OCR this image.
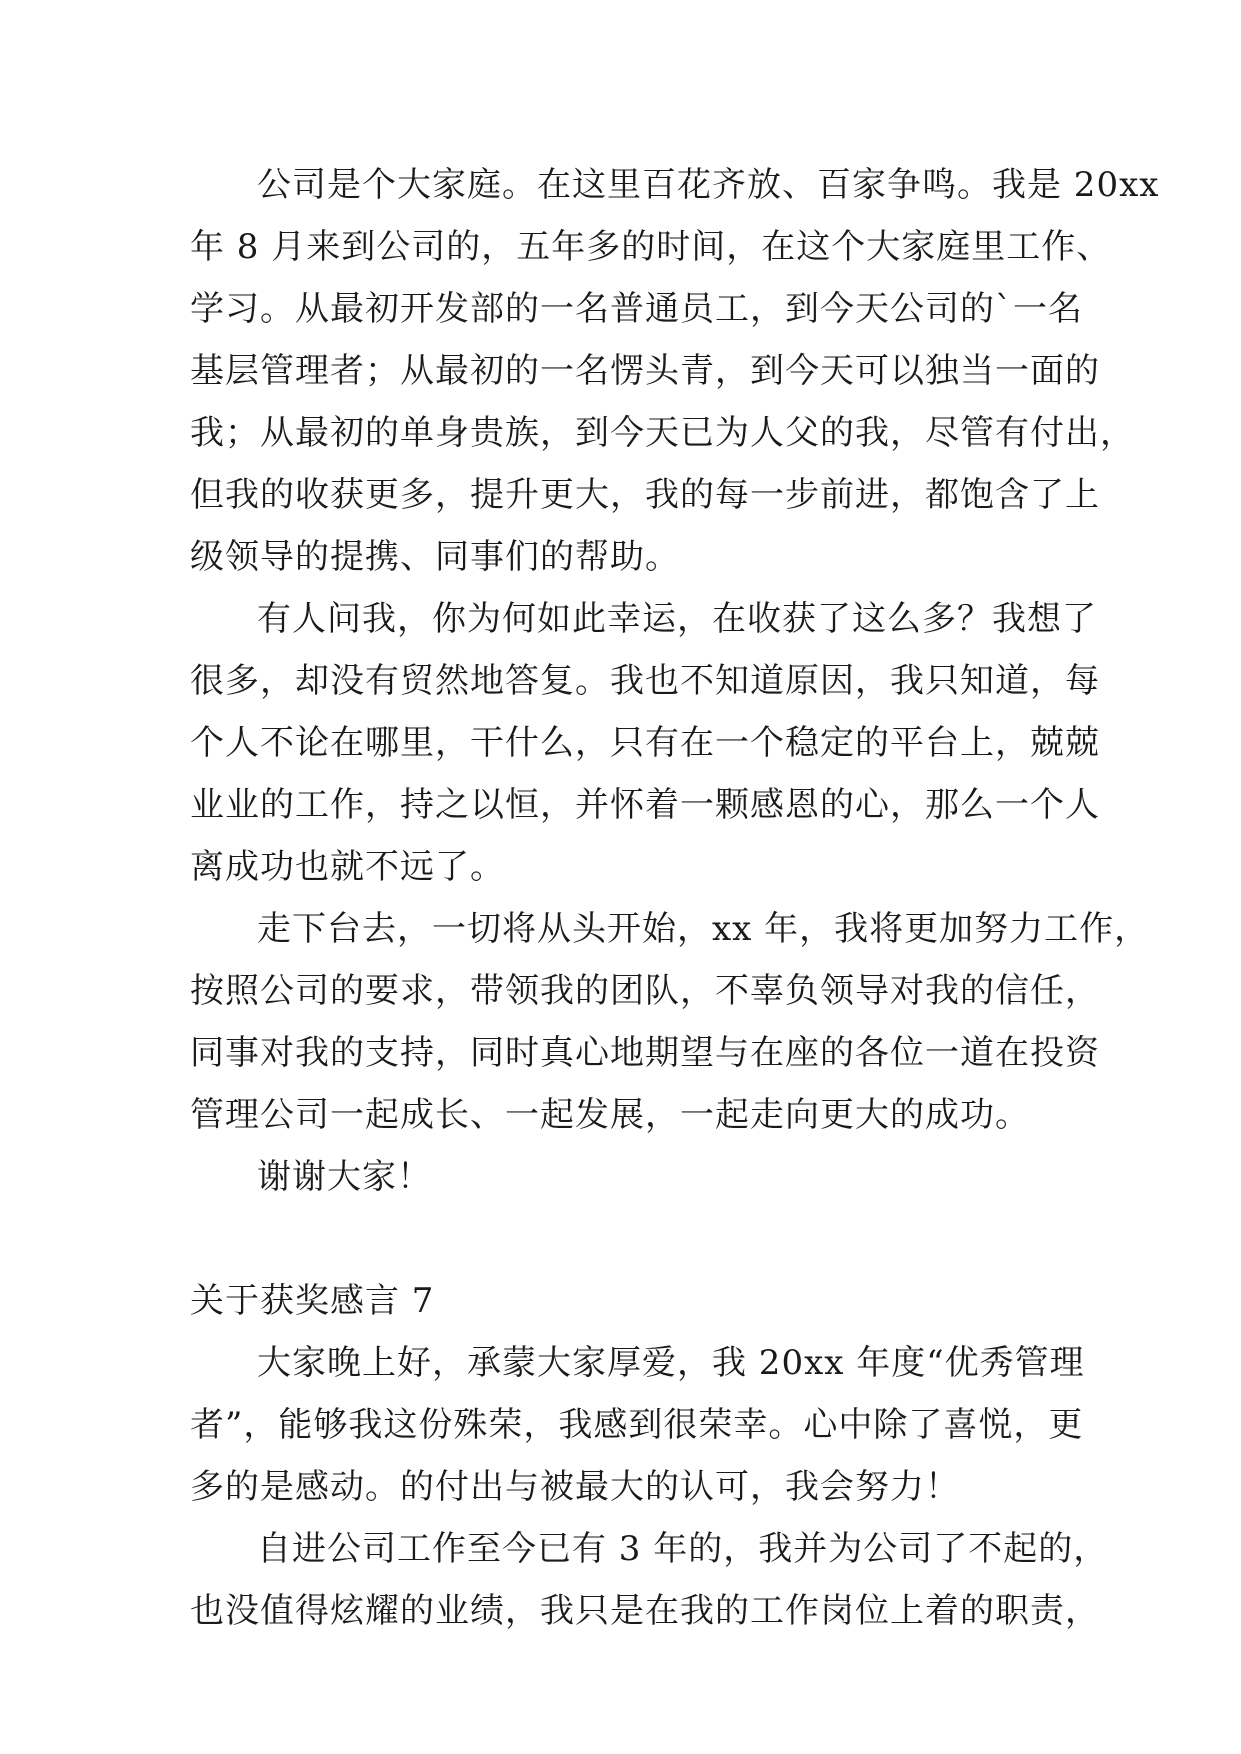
公司是个大家庭。在这里百花齐放、百家争鸣。我是 20xx
年 8 月来到公司的，五年多的时间，在这个大家庭里工作、
学习。从最初开发部的一名普通员工，到今天公司的`一名
基层管理者；从最初的一名愣头青，到今天可以独当一面的
我；从最初的单身贵族，到今天已为人父的我，尽管有付出，
但我的收获更多，提升更大，我的每一步前进，都饱含了上
级领导的提携、同事们的帮助。
有人问我，你为何如此幸运，在收获了这么多？我想了
很多，却没有贸然地答复。我也不知道原因，我只知道，每
个人不论在哪里，干什么，只有在一个稳定的平台上，兢兢
业业的工作，持之以恒，并怀着一颗感恩的心，那么一个人
离成功也就不远了。
走下台去，一切将从头开始，xx 年，我将更加努力工作，
按照公司的要求，带领我的团队，不辜负领导对我的信任，
同事对我的支持，同时真心地期望与在座的各位一道在投资
管理公司一起成长、一起发展，一起走向更大的成功。
谢谢大家！
关于获奖感言 7
大家晚上好，承蒙大家厚爱，我 20xx 年度“优秀管理
者”，能够我这份殊荣，我感到很荣幸。心中除了喜悦，更
多的是感动。的付出与被最大的认可，我会努力！
自进公司工作至今已有 3 年的，我并为公司了不起的，
也没值得炫耀的业绩，我只是在我的工作岗位上着的职责，
